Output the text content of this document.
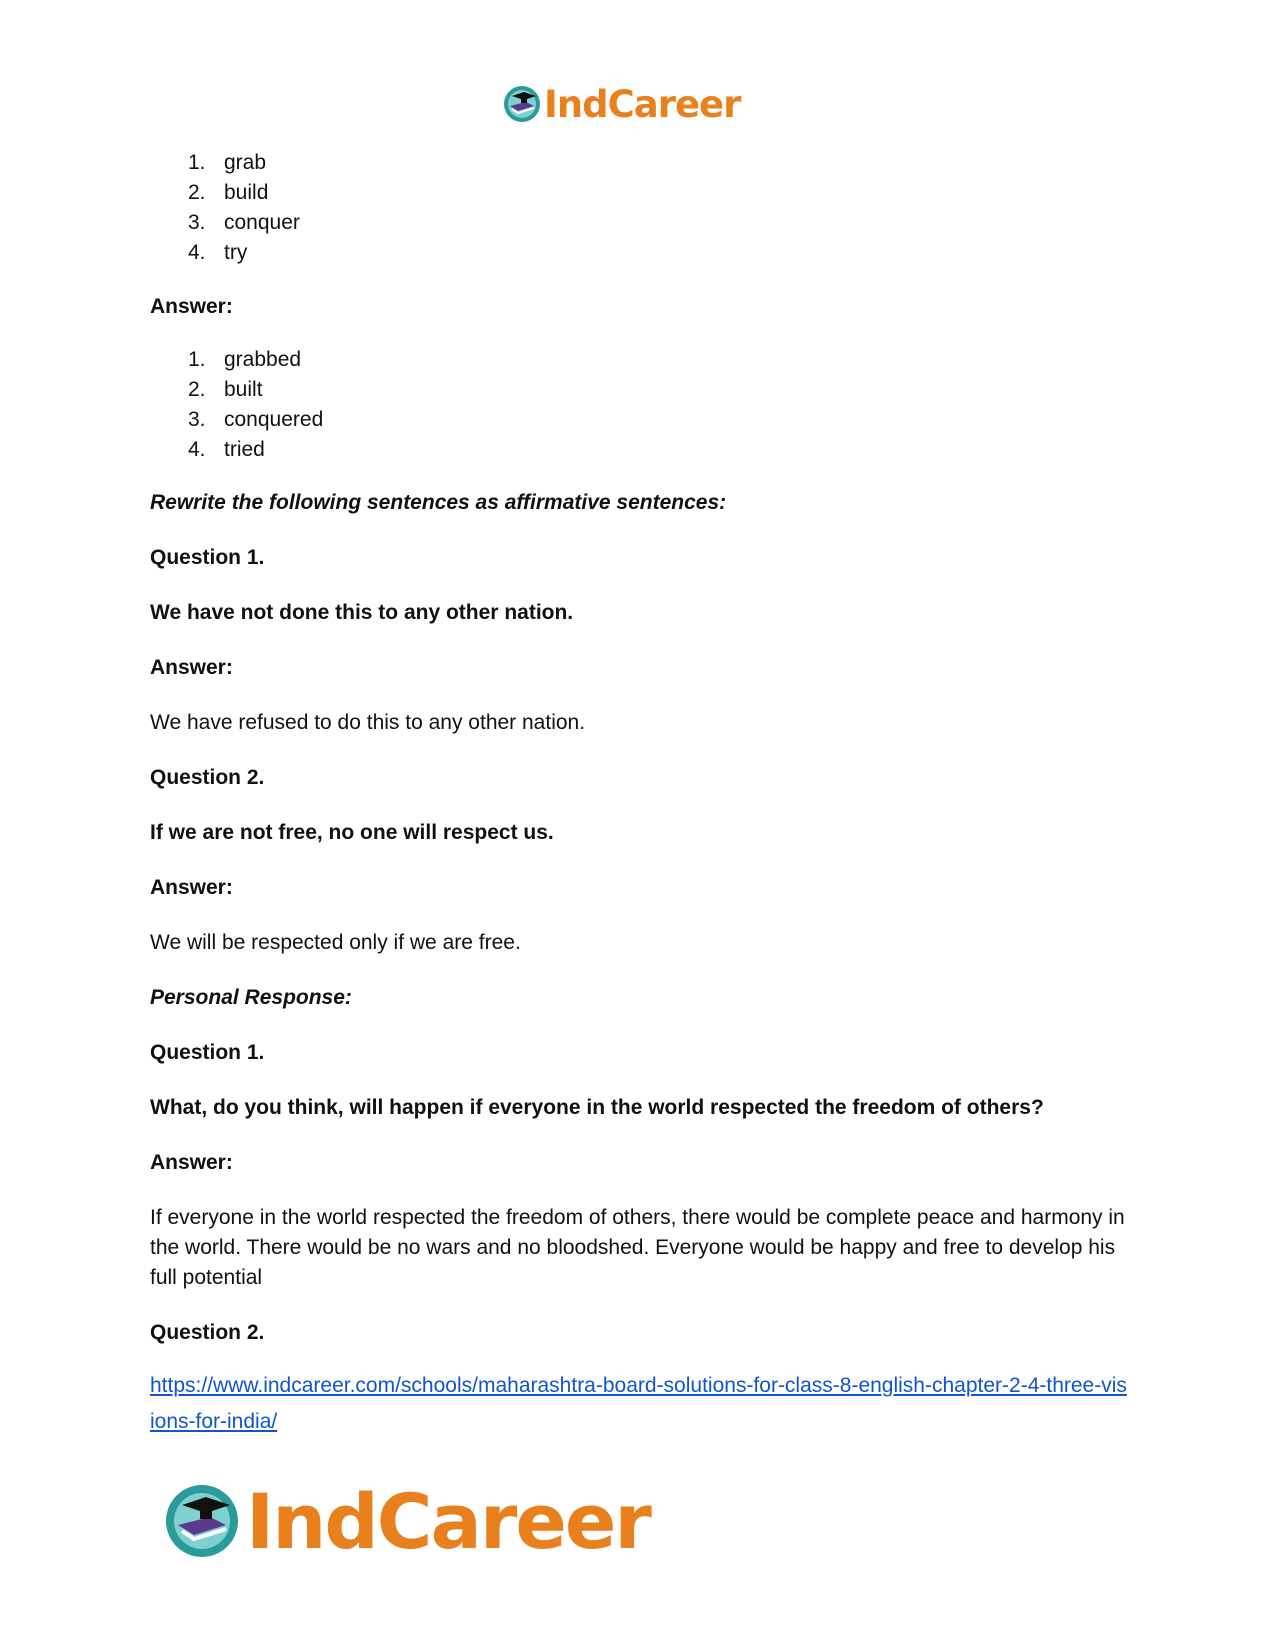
IndCareer
1. grab
2. build
3. conquer
4. try

Answer:

1. grabbed
2. built
3. conquered
4. tried

Rewrite the following sentences as affirmative sentences:

Question 1.

We have not done this to any other nation.

Answer:

We have refused to do this to any other nation.

Question 2.

If we are not free, no one will respect us.

Answer:

We will be respected only if we are free.

Personal Response:

Question 1.

What, do you think, will happen if everyone in the world respected the freedom of others?

Answer:

If everyone in the world respected the freedom of others, there would be complete peace and harmony in the world. There would be no wars and no bloodshed. Everyone would be happy and free to develop his full potential

Question 2.

https://www.indcareer.com/schools/maharashtra-board-solutions-for-class-8-english-chapter-2-4-three-visions-for-india/

IndCareer
